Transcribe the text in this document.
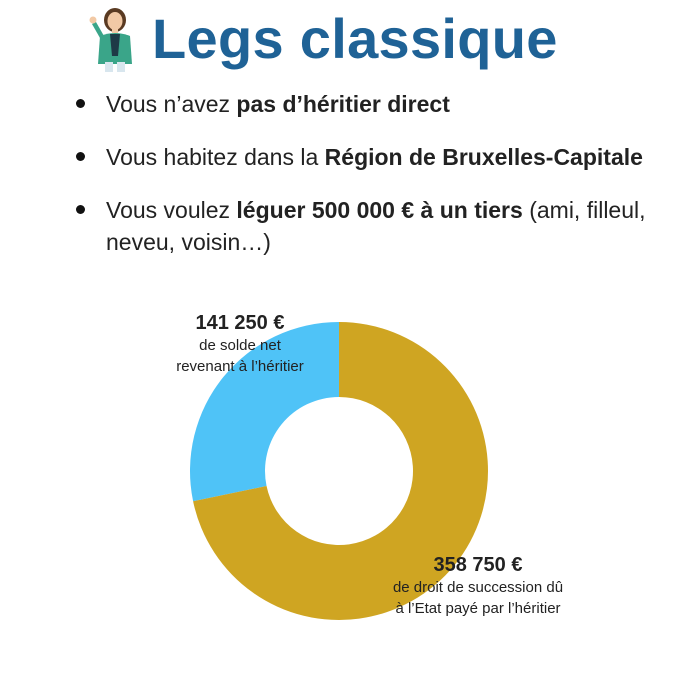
Legs classique
Vous n’avez pas d’héritier direct
Vous habitez dans la Région de Bruxelles-Capitale
Vous voulez léguer 500 000 € à un tiers (ami, filleul, neveu, voisin…)
141 250 €
de solde net
revenant à l’héritier
358 750 €
de droit de succession dû
à l’Etat payé par l’héritier
